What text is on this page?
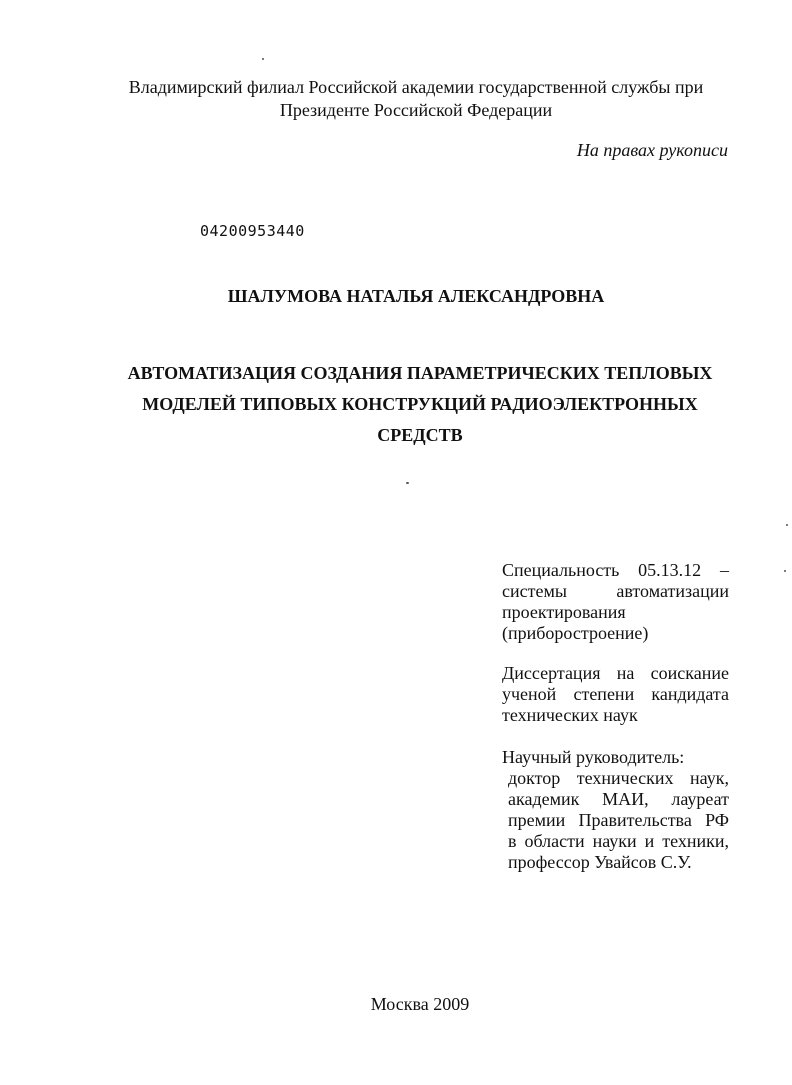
Владимирский филиал Российской академии государственной службы при
Президенте Российской Федерации
На правах рукописи
04200953440
ШАЛУМОВА НАТАЛЬЯ АЛЕКСАНДРОВНА
АВТОМАТИЗАЦИЯ СОЗДАНИЯ ПАРАМЕТРИЧЕСКИХ ТЕПЛОВЫХ
МОДЕЛЕЙ ТИПОВЫХ КОНСТРУКЦИЙ РАДИОЭЛЕКТРОННЫХ
СРЕДСТВ
Специальность 05.13.12 –
системы автоматизации
проектирования
(приборостроение)
Диссертация на соискание
ученой степени кандидата
технических наук
Научный руководитель:
доктор технических наук,
академик МАИ, лауреат
премии Правительства РФ
в области науки и техники,
профессор Увайсов С.У.
Москва 2009
